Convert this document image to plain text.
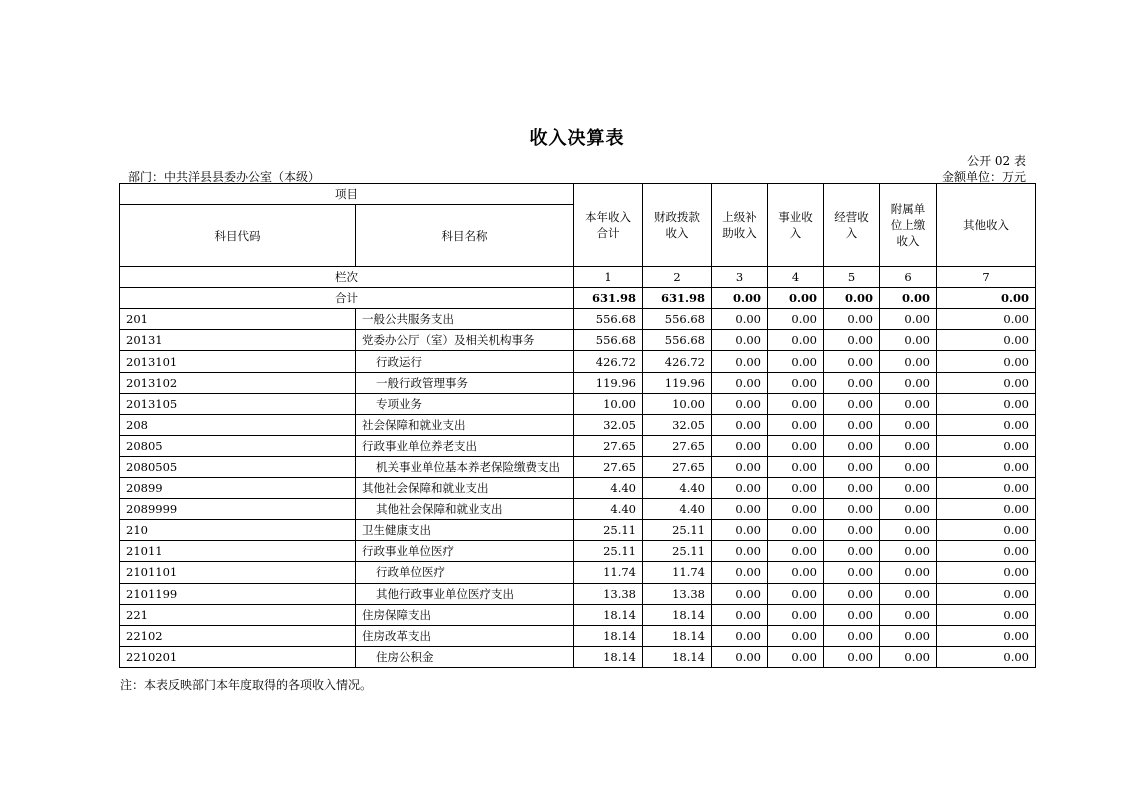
收入决算表
公开 02 表
部门：中共洋县县委办公室（本级）	金额单位：万元
项目		本年收入合计	财政拨款收入	上级补助收入	事业收入	经营收入	附属单位上缴收入	其他收入
科目代码	科目名称							
栏次		1	2	3	4	5	6	7
合计		631.98	631.98	0.00	0.00	0.00	0.00	0.00
201	一般公共服务支出	556.68	556.68	0.00	0.00	0.00	0.00	0.00
20131	党委办公厅（室）及相关机构事务	556.68	556.68	0.00	0.00	0.00	0.00	0.00
2013101	行政运行	426.72	426.72	0.00	0.00	0.00	0.00	0.00
2013102	一般行政管理事务	119.96	119.96	0.00	0.00	0.00	0.00	0.00
2013105	专项业务	10.00	10.00	0.00	0.00	0.00	0.00	0.00
208	社会保障和就业支出	32.05	32.05	0.00	0.00	0.00	0.00	0.00
20805	行政事业单位养老支出	27.65	27.65	0.00	0.00	0.00	0.00	0.00
2080505	机关事业单位基本养老保险缴费支出	27.65	27.65	0.00	0.00	0.00	0.00	0.00
20899	其他社会保障和就业支出	4.40	4.40	0.00	0.00	0.00	0.00	0.00
2089999	其他社会保障和就业支出	4.40	4.40	0.00	0.00	0.00	0.00	0.00
210	卫生健康支出	25.11	25.11	0.00	0.00	0.00	0.00	0.00
21011	行政事业单位医疗	25.11	25.11	0.00	0.00	0.00	0.00	0.00
2101101	行政单位医疗	11.74	11.74	0.00	0.00	0.00	0.00	0.00
2101199	其他行政事业单位医疗支出	13.38	13.38	0.00	0.00	0.00	0.00	0.00
221	住房保障支出	18.14	18.14	0.00	0.00	0.00	0.00	0.00
22102	住房改革支出	18.14	18.14	0.00	0.00	0.00	0.00	0.00
2210201	住房公积金	18.14	18.14	0.00	0.00	0.00	0.00	0.00
注：本表反映部门本年度取得的各项收入情况。
